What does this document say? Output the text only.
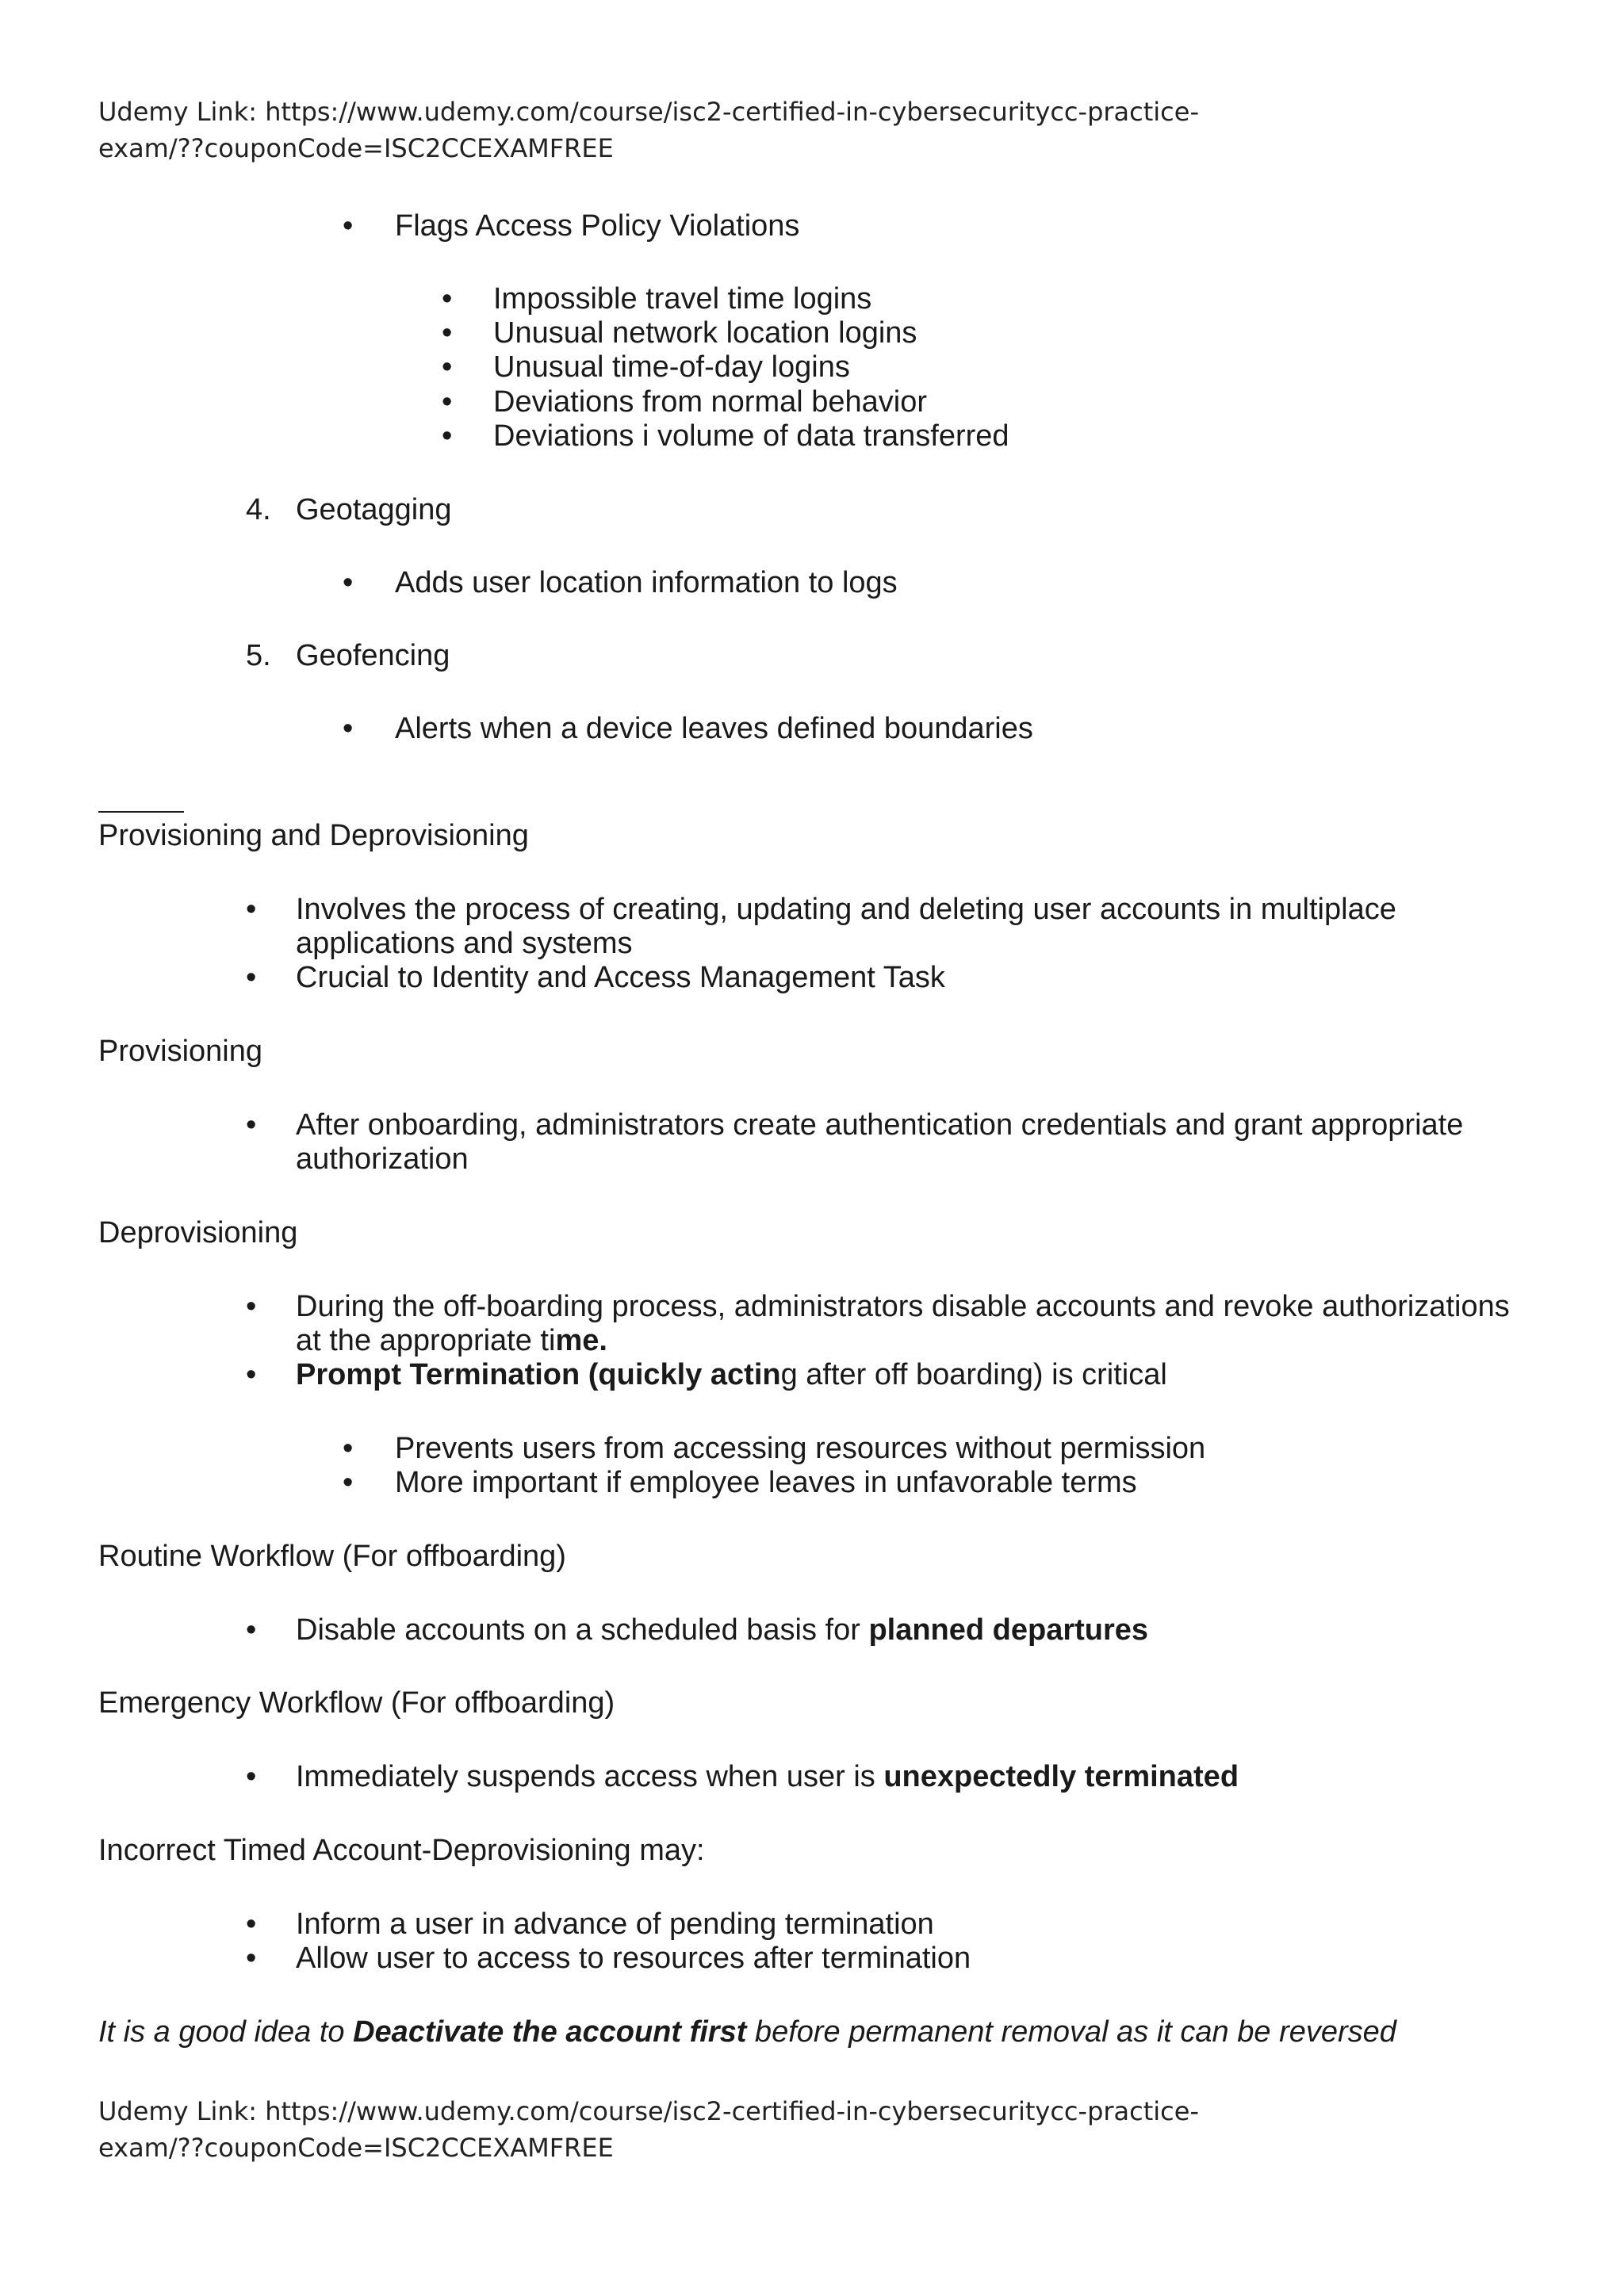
Udemy Link: https://www.udemy.com/course/isc2-certified-in-cybersecuritycc-practice-
exam/??couponCode=ISC2CCEXAMFREE
•
Flags Access Policy Violations
•
Impossible travel time logins
•
Unusual network location logins
•
Unusual time-of-day logins
•
Deviations from normal behavior
•
Deviations i volume of data transferred
4. Geotagging
•
Adds user location information to logs
5. Geofencing
•
Alerts when a device leaves defined boundaries
Provisioning and Deprovisioning
•
Involves the process of creating, updating and deleting user accounts in multiplace
applications and systems
•
Crucial to Identity and Access Management Task
Provisioning
•
After onboarding, administrators create authentication credentials and grant appropriate
authorization
Deprovisioning
•
During the off-boarding process, administrators disable accounts and revoke authorizations
at the appropriate time.
•
Prompt Termination (quickly acting after off boarding) is critical
•
Prevents users from accessing resources without permission
•
More important if employee leaves in unfavorable terms
Routine Workflow (For offboarding)
•
Disable accounts on a scheduled basis for planned departures
Emergency Workflow (For offboarding)
•
Immediately suspends access when user is unexpectedly terminated
Incorrect Timed Account-Deprovisioning may:
•
Inform a user in advance of pending termination
•
Allow user to access to resources after termination
It is a good idea to Deactivate the account first before permanent removal as it can be reversed
Udemy Link: https://www.udemy.com/course/isc2-certified-in-cybersecuritycc-practice-
exam/??couponCode=ISC2CCEXAMFREE
